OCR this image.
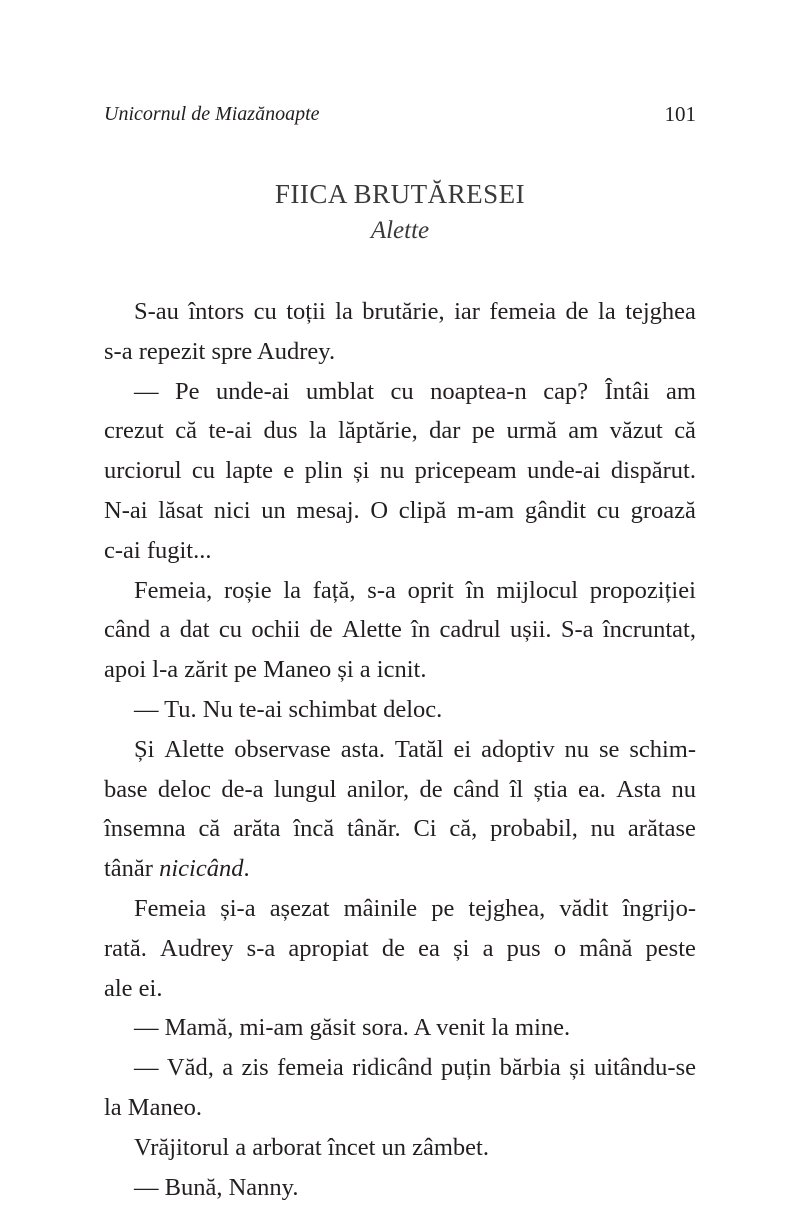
Unicornul de Miazănoapte	101
FIICA BRUTĂRESEI
Alette
S-au întors cu toții la brutărie, iar femeia de la tejghea
s-a repezit spre Audrey.
— Pe unde-ai umblat cu noaptea-n cap? Întâi am
crezut că te-ai dus la lăptărie, dar pe urmă am văzut că
urciorul cu lapte e plin și nu pricepeam unde-ai dispărut.
N-ai lăsat nici un mesaj. O clipă m-am gândit cu groază
c-ai fugit...
Femeia, roșie la față, s-a oprit în mijlocul propoziției
când a dat cu ochii de Alette în cadrul ușii. S-a încruntat,
apoi l-a zărit pe Maneo și a icnit.
— Tu. Nu te-ai schimbat deloc.
Și Alette observase asta. Tatăl ei adoptiv nu se schim-
base deloc de-a lungul anilor, de când îl știa ea. Asta nu
însemna că arăta încă tânăr. Ci că, probabil, nu arătase
tânăr nicicând .
Femeia și-a așezat mâinile pe tejghea, vădit îngrijo-
rată. Audrey s-a apropiat de ea și a pus o mână peste
ale ei.
— Mamă, mi-am găsit sora. A venit la mine.
— Văd, a zis femeia ridicând puțin bărbia și uitându-se
la Maneo.
Vrăjitorul a arborat încet un zâmbet.
— Bună, Nanny.
